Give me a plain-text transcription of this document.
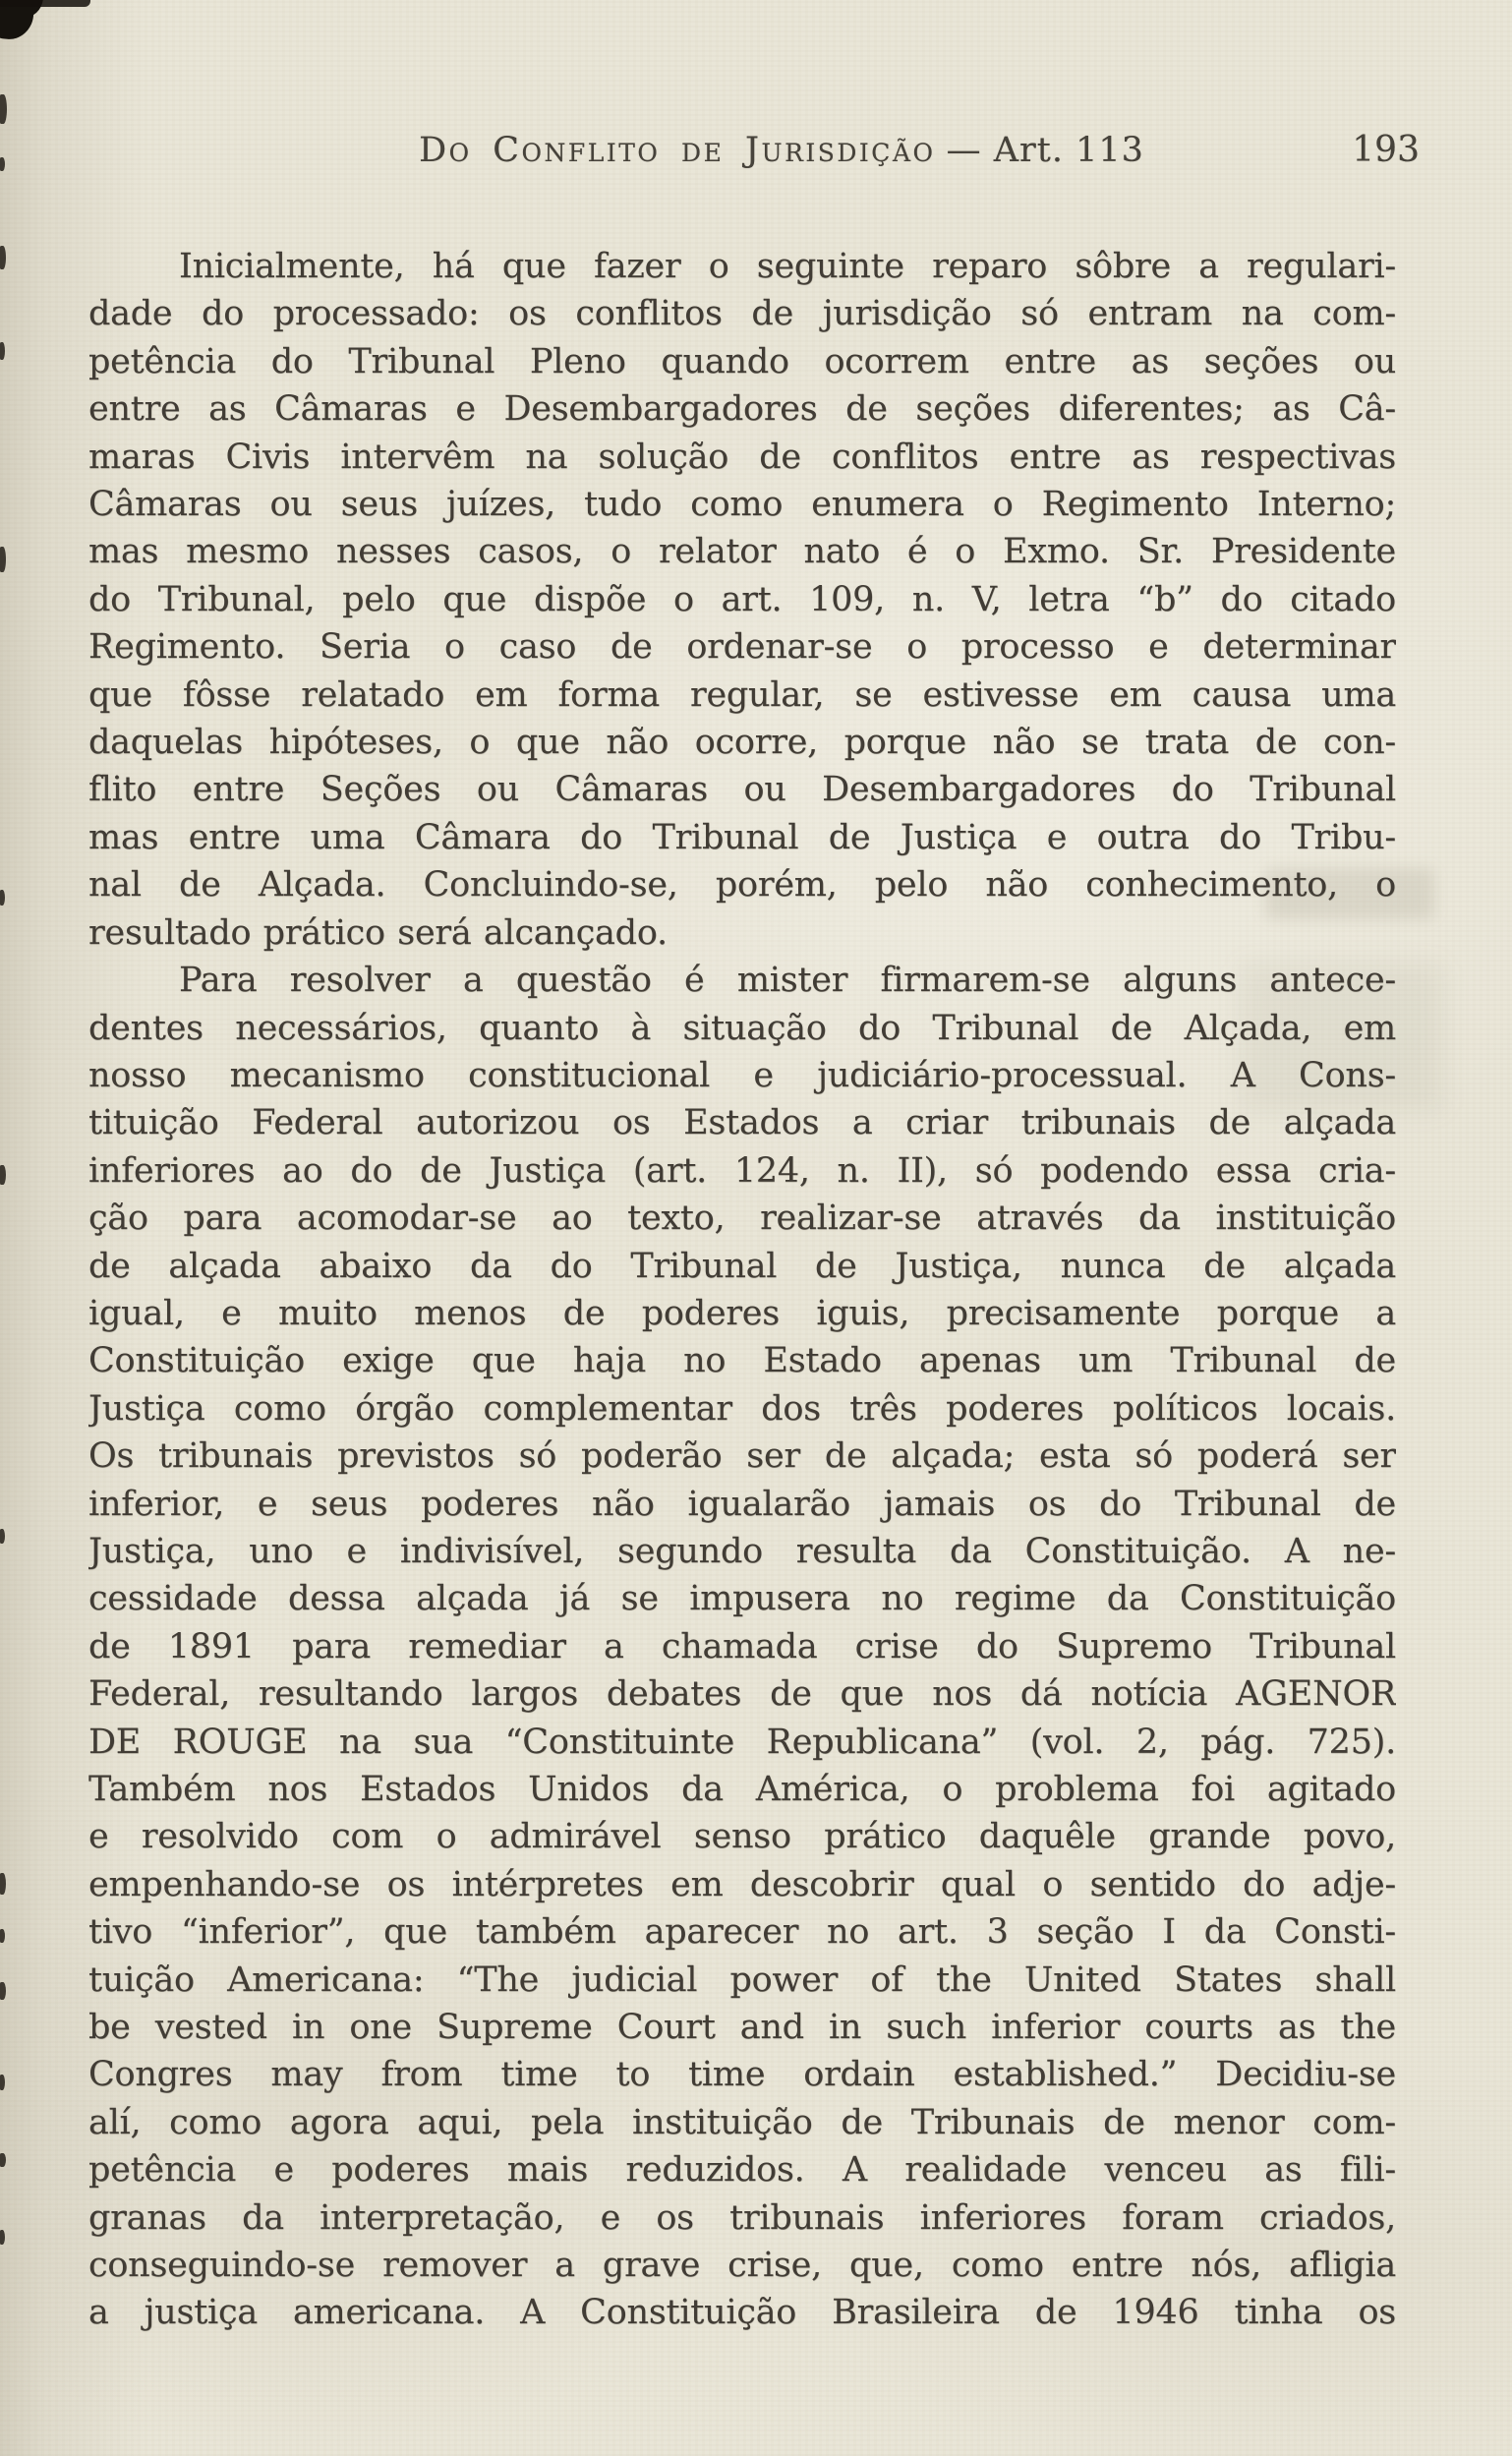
Do Conflito de Jurisdição — Art. 113	193
Inicialmente, há que fazer o seguinte reparo sôbre a regulari-
dade do processado: os conflitos de jurisdição só entram na com-
petência do Tribunal Pleno quando ocorrem entre as seções ou
entre as Câmaras e Desembargadores de seções diferentes; as Câ-
maras Civis intervêm na solução de conflitos entre as respectivas
Câmaras ou seus juízes, tudo como enumera o Regimento Interno;
mas mesmo nesses casos, o relator nato é o Exmo. Sr. Presidente
do Tribunal, pelo que dispõe o art. 109, n. V, letra “b” do citado
Regimento. Seria o caso de ordenar-se o processo e determinar
que fôsse relatado em forma regular, se estivesse em causa uma
daquelas hipóteses, o que não ocorre, porque não se trata de con-
flito entre Seções ou Câmaras ou Desembargadores do Tribunal
mas entre uma Câmara do Tribunal de Justiça e outra do Tribu-
nal de Alçada. Concluindo-se, porém, pelo não conhecimento, o
resultado prático será alcançado.
Para resolver a questão é mister firmarem-se alguns antece-
dentes necessários, quanto à situação do Tribunal de Alçada, em
nosso mecanismo constitucional e judiciário-processual. A Cons-
tituição Federal autorizou os Estados a criar tribunais de alçada
inferiores ao do de Justiça (art. 124, n. II), só podendo essa cria-
ção para acomodar-se ao texto, realizar-se através da instituição
de alçada abaixo da do Tribunal de Justiça, nunca de alçada
igual, e muito menos de poderes iguis, precisamente porque a
Constituição exige que haja no Estado apenas um Tribunal de
Justiça como órgão complementar dos três poderes políticos locais.
Os tribunais previstos só poderão ser de alçada; esta só poderá ser
inferior, e seus poderes não igualarão jamais os do Tribunal de
Justiça, uno e indivisível, segundo resulta da Constituição. A ne-
cessidade dessa alçada já se impusera no regime da Constituição
de 1891 para remediar a chamada crise do Supremo Tribunal
Federal, resultando largos debates de que nos dá notícia AGENOR
DE ROUGE na sua “Constituinte Republicana” (vol. 2, pág. 725).
Também nos Estados Unidos da América, o problema foi agitado
e resolvido com o admirável senso prático daquêle grande povo,
empenhando-se os intérpretes em descobrir qual o sentido do adje-
tivo “inferior”, que também aparecer no art. 3 seção I da Consti-
tuição Americana: “The judicial power of the United States shall
be vested in one Supreme Court and in such inferior courts as the
Congres may from time to time ordain established.” Decidiu-se
alí, como agora aqui, pela instituição de Tribunais de menor com-
petência e poderes mais reduzidos. A realidade venceu as fili-
granas da interpretação, e os tribunais inferiores foram criados,
conseguindo-se remover a grave crise, que, como entre nós, afligia
a justiça americana. A Constituição Brasileira de 1946 tinha os
